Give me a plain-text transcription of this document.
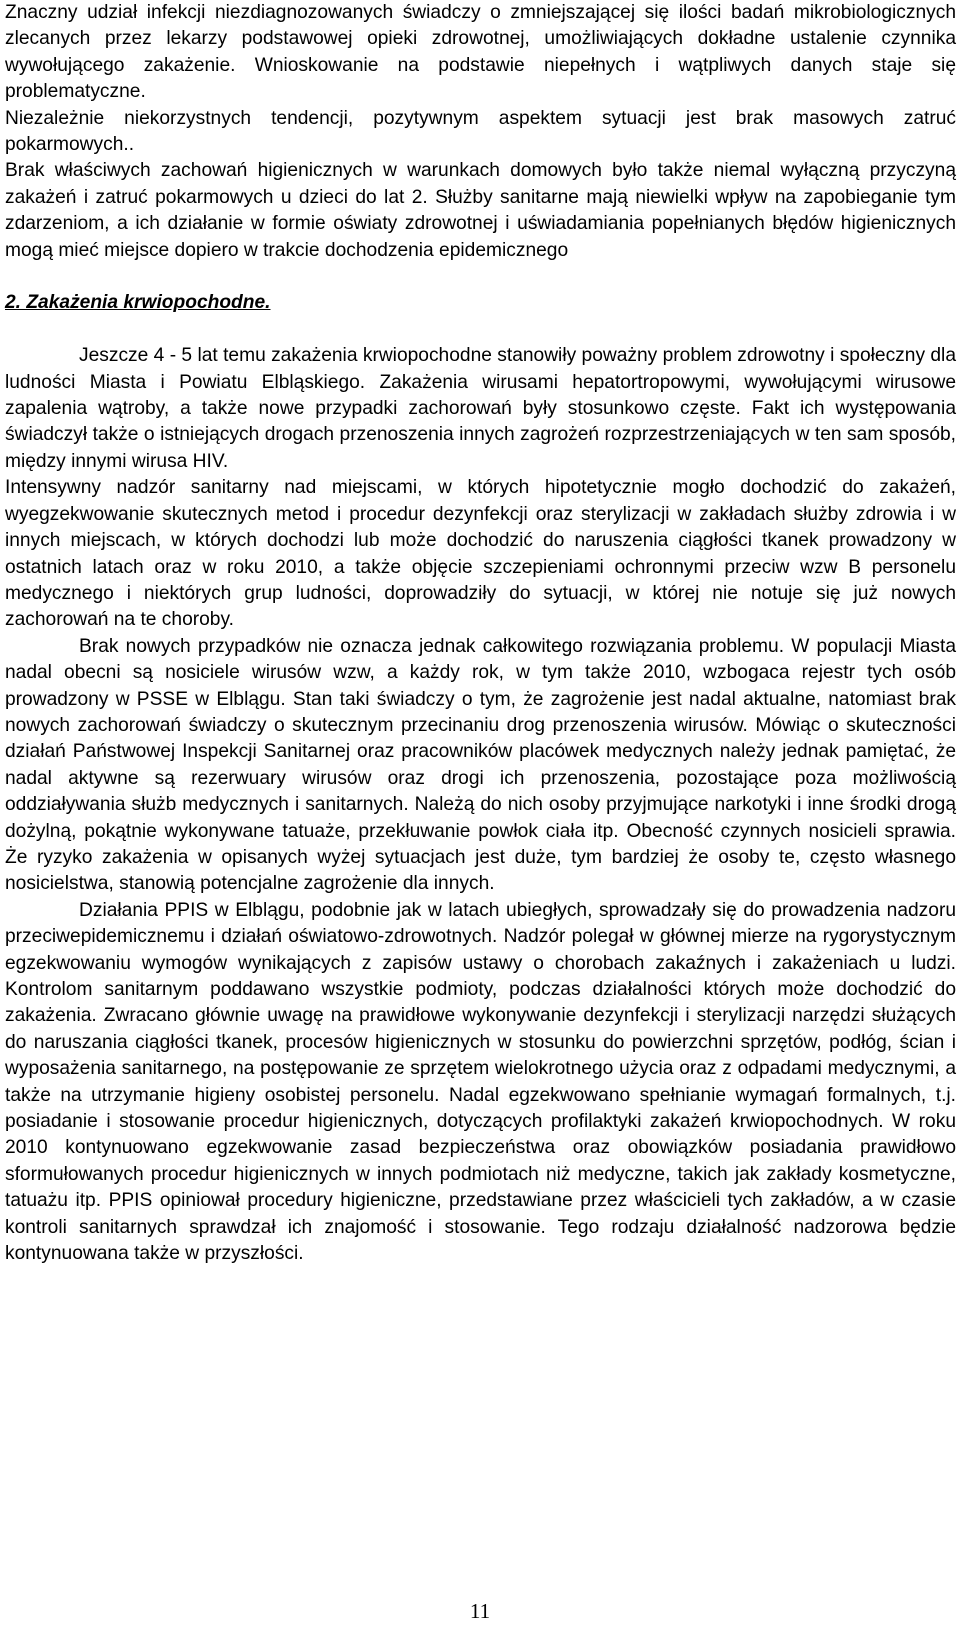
Znaczny udział infekcji niezdiagnozowanych świadczy o zmniejszającej się ilości badań mikrobiologicznych zlecanych przez lekarzy podstawowej opieki zdrowotnej, umożliwiających dokładne ustalenie czynnika wywołującego zakażenie. Wnioskowanie na podstawie niepełnych i wątpliwych danych staje się problematyczne.

Niezależnie niekorzystnych tendencji, pozytywnym aspektem sytuacji jest brak masowych zatruć pokarmowych..

Brak właściwych zachowań higienicznych w warunkach domowych było także niemal wyłączną przyczyną zakażeń i zatruć pokarmowych u dzieci do lat 2. Służby sanitarne mają niewielki wpływ na zapobieganie tym zdarzeniom, a ich działanie w formie oświaty zdrowotnej i uświadamiania popełnianych błędów higienicznych mogą mieć miejsce dopiero w trakcie dochodzenia epidemicznego

2. Zakażenia krwiopochodne.

Jeszcze 4 - 5 lat temu zakażenia krwiopochodne stanowiły poważny problem zdrowotny i społeczny dla ludności Miasta i Powiatu Elbląskiego. Zakażenia wirusami hepatortropowymi, wywołującymi wirusowe zapalenia wątroby, a także nowe przypadki zachorowań były stosunkowo częste. Fakt ich występowania świadczył także o istniejących drogach przenoszenia innych zagrożeń rozprzestrzeniających w ten sam sposób, między innymi wirusa HIV.

Intensywny nadzór sanitarny nad miejscami, w których hipotetycznie mogło dochodzić do zakażeń, wyegzekwowanie skutecznych metod i procedur dezynfekcji oraz sterylizacji w zakładach służby zdrowia i w innych miejscach, w których dochodzi lub może dochodzić do naruszenia ciągłości tkanek prowadzony w ostatnich latach oraz w roku 2010, a także objęcie szczepieniami ochronnymi przeciw wzw B personelu medycznego i niektórych grup ludności, doprowadziły do sytuacji, w której nie notuje się już nowych zachorowań na te choroby.

Brak nowych przypadków nie oznacza jednak całkowitego rozwiązania problemu. W populacji Miasta nadal obecni są nosiciele wirusów wzw, a każdy rok, w tym także 2010, wzbogaca rejestr tych osób prowadzony w PSSE w Elblągu. Stan taki świadczy o tym, że zagrożenie jest nadal aktualne, natomiast brak nowych zachorowań świadczy o skutecznym przecinaniu drog przenoszenia wirusów. Mówiąc o skuteczności działań Państwowej Inspekcji Sanitarnej oraz pracowników placówek medycznych należy jednak pamiętać, że nadal aktywne są rezerwuary wirusów oraz drogi ich przenoszenia, pozostające poza możliwością oddziaływania służb medycznych i sanitarnych. Należą do nich osoby przyjmujące narkotyki i inne środki drogą dożylną, pokątnie wykonywane tatuaże, przekłuwanie powłok ciała itp. Obecność czynnych nosicieli sprawia. Że ryzyko zakażenia w opisanych wyżej sytuacjach jest duże, tym bardziej że osoby te, często własnego nosicielstwa, stanowią potencjalne zagrożenie dla innych.

Działania PPIS w Elblągu, podobnie jak w latach ubiegłych, sprowadzały się do prowadzenia nadzoru przeciwepidemicznemu i działań oświatowo-zdrowotnych. Nadzór polegał w głównej mierze na rygorystycznym egzekwowaniu wymogów wynikających z zapisów ustawy o chorobach zakaźnych i zakażeniach u ludzi. Kontrolom sanitarnym poddawano wszystkie podmioty, podczas działalności których może dochodzić do zakażenia. Zwracano głównie uwagę na prawidłowe wykonywanie dezynfekcji i sterylizacji narzędzi służących do naruszania ciągłości tkanek, procesów higienicznych w stosunku do powierzchni sprzętów, podłóg, ścian i wyposażenia sanitarnego, na postępowanie ze sprzętem wielokrotnego użycia oraz z odpadami medycznymi, a także na utrzymanie higieny osobistej personelu. Nadal egzekwowano spełnianie wymagań formalnych, t.j. posiadanie i stosowanie procedur higienicznych, dotyczących profilaktyki zakażeń krwiopochodnych. W roku 2010 kontynuowano egzekwowanie zasad bezpieczeństwa oraz obowiązków posiadania prawidłowo sformułowanych procedur higienicznych w innych podmiotach niż medyczne, takich jak zakłady kosmetyczne, tatuażu itp. PPIS opiniował procedury higieniczne, przedstawiane przez właścicieli tych zakładów, a w czasie kontroli sanitarnych sprawdzał ich znajomość i stosowanie. Tego rodzaju działalność nadzorowa będzie kontynuowana także w przyszłości.

11
